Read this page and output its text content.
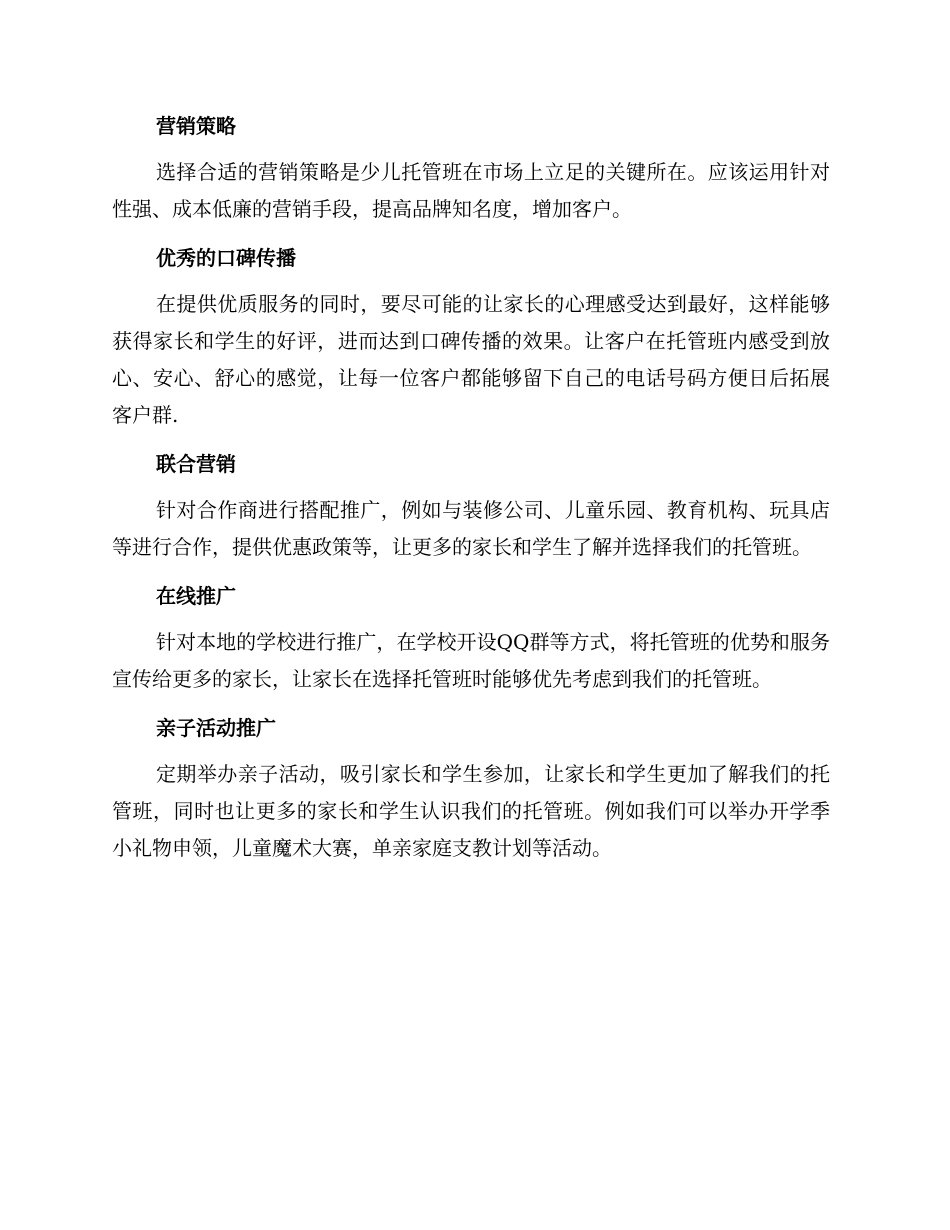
营销策略

选择合适的营销策略是少儿托管班在市场上立足的关键所在。应该运用针对性强、成本低廉的营销手段，提高品牌知名度，增加客户。

优秀的口碑传播

在提供优质服务的同时，要尽可能的让家长的心理感受达到最好，这样能够获得家长和学生的好评，进而达到口碑传播的效果。让客户在托管班内感受到放心、安心、舒心的感觉，让每一位客户都能够留下自己的电话号码方便日后拓展客户群.

联合营销

针对合作商进行搭配推广，例如与装修公司、儿童乐园、教育机构、玩具店等进行合作，提供优惠政策等，让更多的家长和学生了解并选择我们的托管班。

在线推广

针对本地的学校进行推广，在学校开设QQ群等方式，将托管班的优势和服务宣传给更多的家长，让家长在选择托管班时能够优先考虑到我们的托管班。

亲子活动推广

定期举办亲子活动，吸引家长和学生参加，让家长和学生更加了解我们的托管班，同时也让更多的家长和学生认识我们的托管班。例如我们可以举办开学季小礼物申领，儿童魔术大赛，单亲家庭支教计划等活动。
